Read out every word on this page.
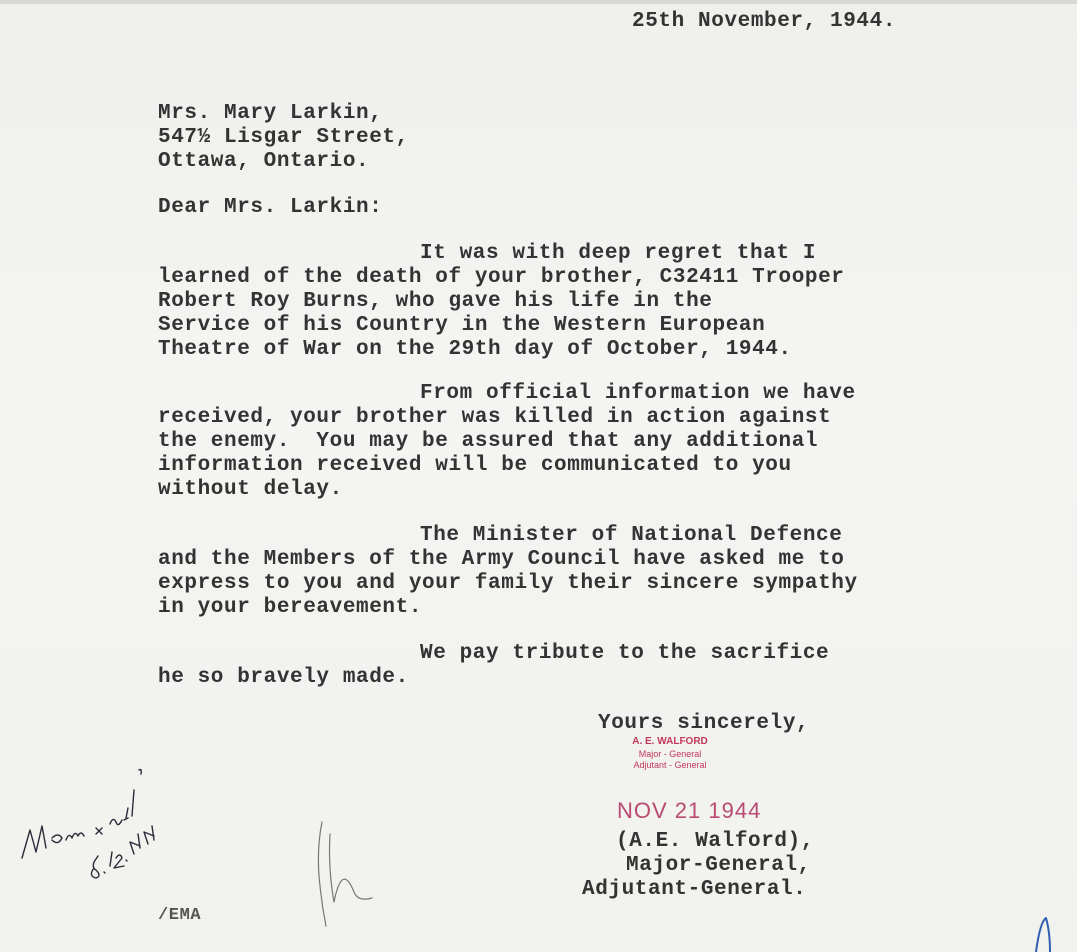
25th November, 1944.
Mrs. Mary Larkin,
547½ Lisgar Street,
Ottawa, Ontario.
Dear Mrs. Larkin:
It was with deep regret that I
learned of the death of your brother, C32411 Trooper
Robert Roy Burns, who gave his life in the
Service of his Country in the Western European
Theatre of War on the 29th day of October, 1944.
From official information we have
received, your brother was killed in action against
the enemy.  You may be assured that any additional
information received will be communicated to you
without delay.
The Minister of National Defence
and the Members of the Army Council have asked me to
express to you and your family their sincere sympathy
in your bereavement.
We pay tribute to the sacrifice
he so bravely made.
Yours sincerely,
A. E. WALFORD
Major - General
Adjutant - General
NOV 21 1944
(A.E. Walford),
Major-General,
Adjutant-General.
/EMA
